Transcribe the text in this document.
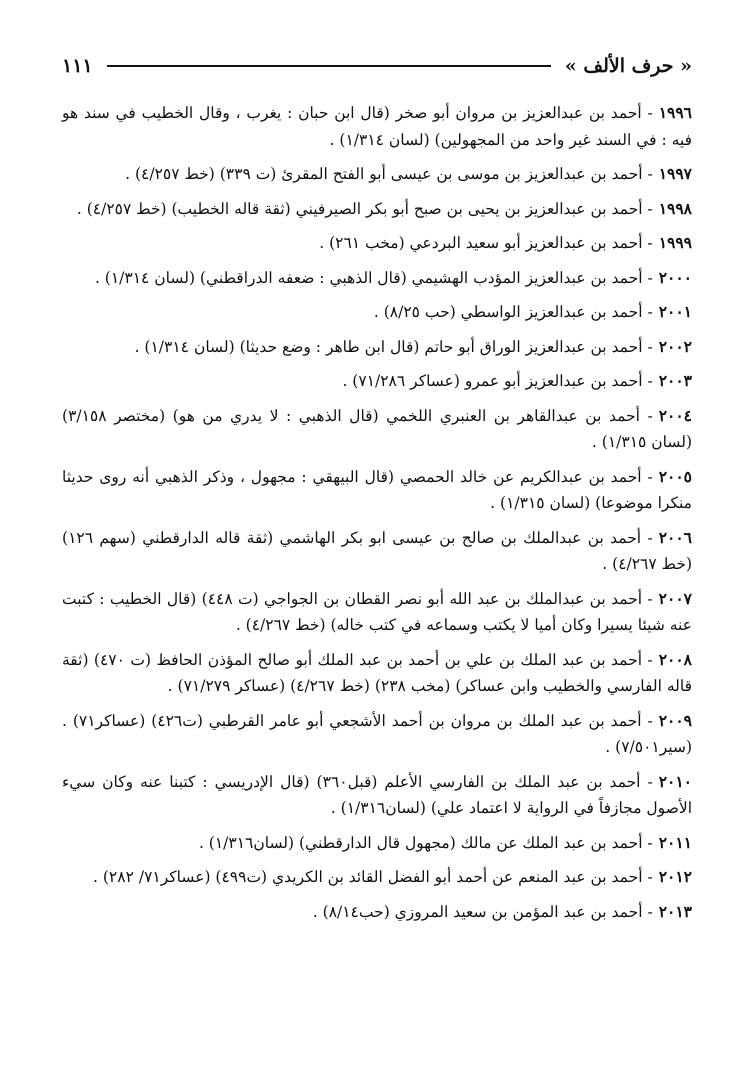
« حرف الألف »
١١١
١٩٩٦- أحمد بن عبدالعزيز بن مروان أبو صخر (قال ابن حبان : يغرب ، وقال الخطيب في سند هو فيه : في السند غير واحد من المجهولين) (لسان ١/٣١٤) .
١٩٩٧- أحمد بن عبدالعزيز بن موسى بن عيسى أبو الفتح المقرئ (ت ٣٣٩) (خط ٤/٢٥٧) .
١٩٩٨- أحمد بن عبدالعزيز بن يحيى بن صبح أبو بكر الصيرفيني (ثقة قاله الخطيب) (خط ٤/٢٥٧) .
١٩٩٩- أحمد بن عبدالعزيز أبو سعيد البردعي (مخب ٢٦١) .
٢٠٠٠- أحمد بن عبدالعزيز المؤدب الهشيمي (قال الذهبي : ضعفه الدراقطني) (لسان ١/٣١٤) .
٢٠٠١- أحمد بن عبدالعزيز الواسطي (حب ٨/٢٥) .
٢٠٠٢- أحمد بن عبدالعزيز الوراق أبو حاتم (قال ابن طاهر : وضع حديثا) (لسان ١/٣١٤) .
٢٠٠٣- أحمد بن عبدالعزيز أبو عمرو (عساكر ٧١/٢٨٦) .
٢٠٠٤- أحمد بن عبدالقاهر بن العنبري اللخمي (قال الذهبي : لا يدري من هو) (مختصر ٣/١٥٨) (لسان ١/٣١٥) .
٢٠٠٥- أحمد بن عبدالكريم عن خالد الحمصي (قال البيهقي : مجهول ، وذكر الذهبي أنه روى حديثا منكرا موضوعا) (لسان ١/٣١٥) .
٢٠٠٦- أحمد بن عبدالملك بن صالح بن عيسى ابو بكر الهاشمي (ثقة قاله الدارقطني (سهم ١٢٦) (خط ٤/٢٦٧) .
٢٠٠٧- أحمد بن عبدالملك بن عبد الله أبو نصر القطان بن الجواجي (ت ٤٤٨) (قال الخطيب : كتبت عنه شيئا يسيرا وكان أميا لا يكتب وسماعه في كتب خاله) (خط ٤/٢٦٧) .
٢٠٠٨- أحمد بن عبد الملك بن علي بن أحمد بن عبد الملك أبو صالح المؤذن الحافظ (ت ٤٧٠) (ثقة قاله الفارسي والخطيب وابن عساكر) (مخب ٢٣٨) (خط ٤/٢٦٧) (عساكر ٧١/٢٧٩) .
٢٠٠٩- أحمد بن عبد الملك بن مروان بن أحمد الأشجعي أبو عامر القرطبي (ت٤٢٦) (عساكر٧١) . (سير٧/٥٠١) .
٢٠١٠- أحمد بن عبد الملك بن الفارسي الأعلم (قبل٣٦٠) (قال الإدريسي : كتبنا عنه وكان سيء الأصول مجازفاً في الرواية لا اعتماد علي) (لسان١/٣١٦) .
٢٠١١- أحمد بن عبد الملك عن مالك (مجهول قال الدارقطني) (لسان١/٣١٦) .
٢٠١٢- أحمد بن عبد المنعم عن أحمد أبو الفضل القائد بن الكريدي (ت٤٩٩) (عساكر٧١/ ٢٨٢) .
٢٠١٣- أحمد بن عبد المؤمن بن سعيد المروزي (حب٨/١٤) .
